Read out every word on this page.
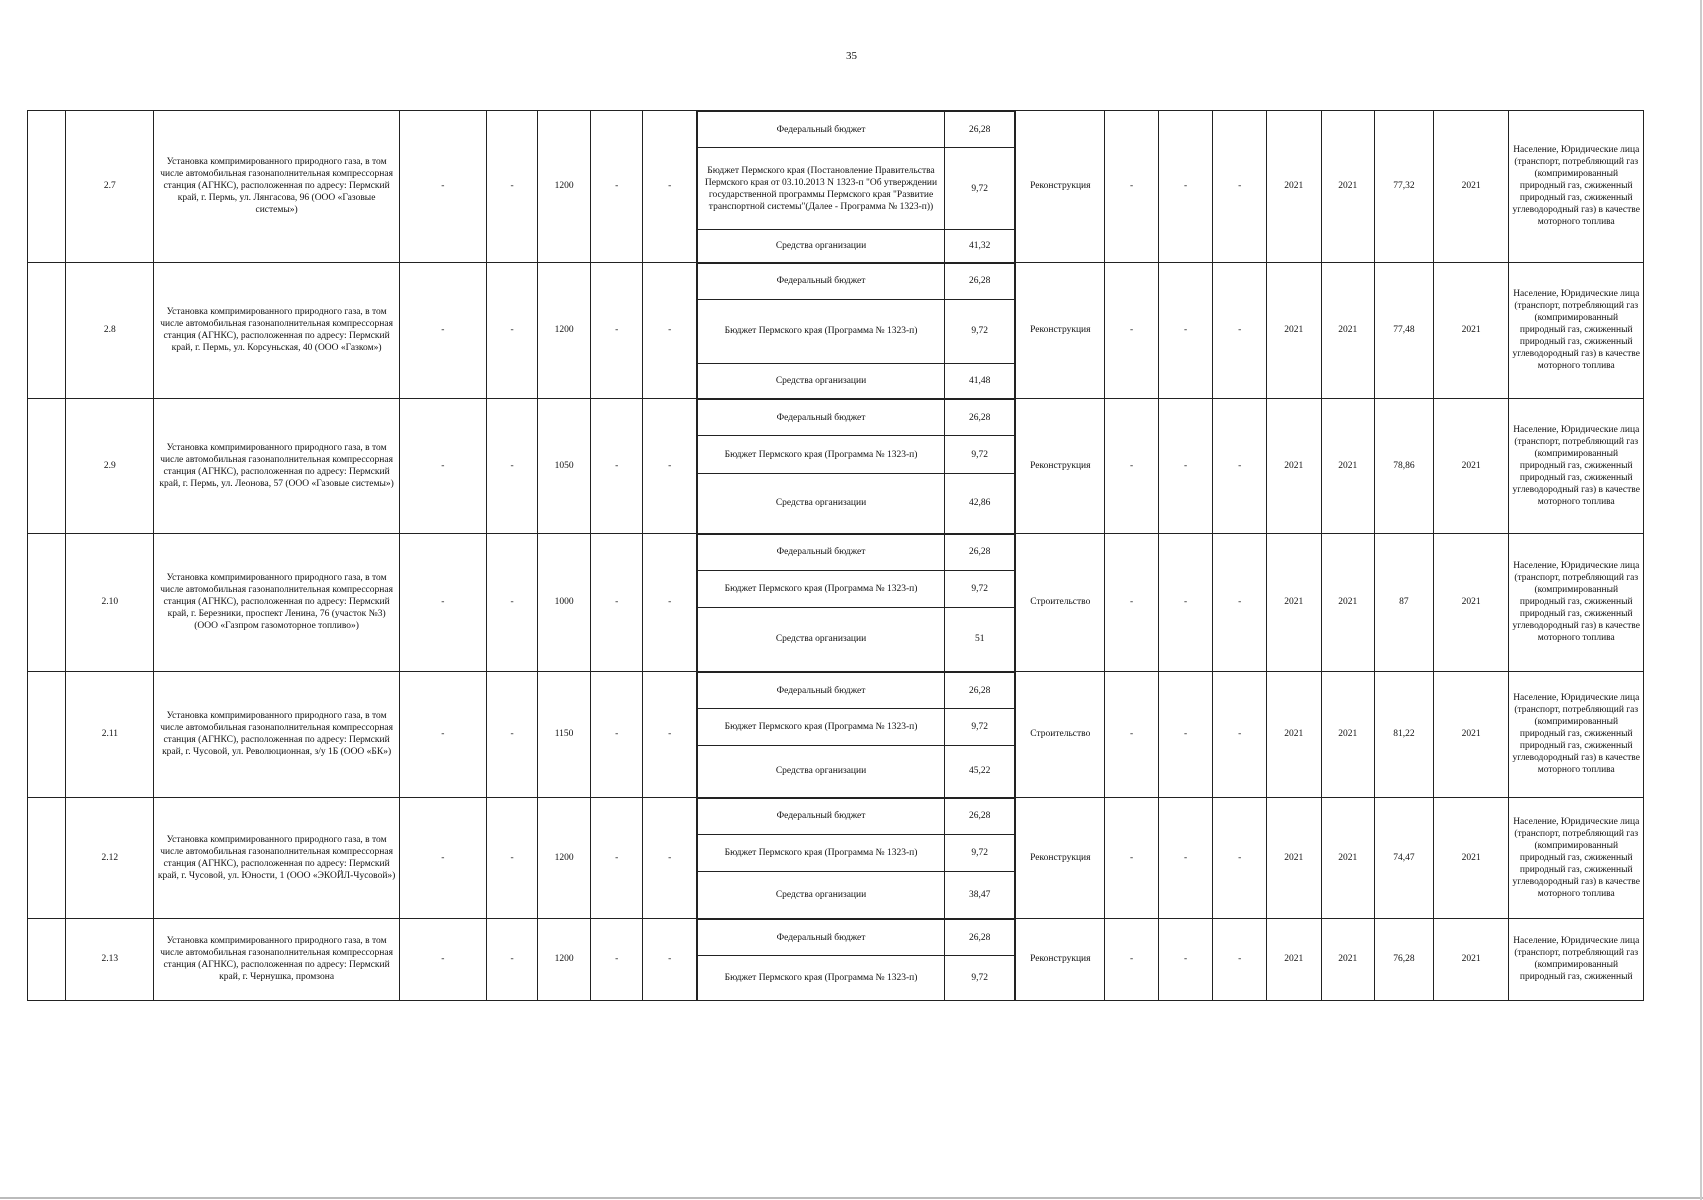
35
	2.7	Установка компримированного природного газа, в том числе автомобильная газонаполнительная компрессорная станция (АГНКС), расположенная по адресу: Пермский край, г. Пермь, ул. Лянгасова, 96 (ООО «Газовые системы»)	-	-	1200	-	-	
Федеральный бюджет	26,28
Бюджет Пермского края (Постановление Правительства Пермского края от 03.10.2013 N 1323-п "Об утверждении государственной программы Пермского края "Развитие транспортной системы"(Далее - Программа № 1323-п))	9,72
Средства организации	41,32
	Реконструкция	-	-	-	2021	2021	77,32	2021	Население, Юридические лица (транспорт, потребляющий газ (компримированный природный газ, сжиженный природный газ, сжиженный углеводородный газ) в качестве моторного топлива
	2.8	Установка компримированного природного газа, в том числе автомобильная газонаполнительная компрессорная станция (АГНКС), расположенная по адресу: Пермский край, г. Пермь, ул. Корсуньская, 40 (ООО «Газком»)	-	-	1200	-	-	
Федеральный бюджет	26,28
Бюджет Пермского края (Программа № 1323-п)	9,72
Средства организации	41,48
	Реконструкция	-	-	-	2021	2021	77,48	2021	Население, Юридические лица (транспорт, потребляющий газ (компримированный природный газ, сжиженный природный газ, сжиженный углеводородный газ) в качестве моторного топлива
	2.9	Установка компримированного природного газа, в том числе автомобильная газонаполнительная компрессорная станция (АГНКС), расположенная по адресу: Пермский край, г. Пермь, ул. Леонова, 57 (ООО «Газовые системы»)	-	-	1050	-	-	
Федеральный бюджет	26,28
Бюджет Пермского края (Программа № 1323-п)	9,72
Средства организации	42,86
	Реконструкция	-	-	-	2021	2021	78,86	2021	Население, Юридические лица (транспорт, потребляющий газ (компримированный природный газ, сжиженный природный газ, сжиженный углеводородный газ) в качестве моторного топлива
	2.10	Установка компримированного природного газа, в том числе автомобильная газонаполнительная компрессорная станция (АГНКС), расположенная по адресу: Пермский край, г. Березники, проспект Ленина, 76 (участок №3) (ООО «Газпром газомоторное топливо»)	-	-	1000	-	-	
Федеральный бюджет	26,28
Бюджет Пермского края (Программа № 1323-п)	9,72
Средства организации	51
	Строительство	-	-	-	2021	2021	87	2021	Население, Юридические лица (транспорт, потребляющий газ (компримированный природный газ, сжиженный природный газ, сжиженный углеводородный газ) в качестве моторного топлива
	2.11	Установка компримированного природного газа, в том числе автомобильная газонаполнительная компрессорная станция (АГНКС), расположенная по адресу: Пермский край, г. Чусовой, ул. Революционная, з/у 1Б (ООО «БК»)	-	-	1150	-	-	
Федеральный бюджет	26,28
Бюджет Пермского края (Программа № 1323-п)	9,72
Средства организации	45,22
	Строительство	-	-	-	2021	2021	81,22	2021	Население, Юридические лица (транспорт, потребляющий газ (компримированный природный газ, сжиженный природный газ, сжиженный углеводородный газ) в качестве моторного топлива
	2.12	Установка компримированного природного газа, в том числе автомобильная газонаполнительная компрессорная станция (АГНКС), расположенная по адресу: Пермский край, г. Чусовой, ул. Юности, 1 (ООО «ЭКОЙЛ-Чусовой»)	-	-	1200	-	-	
Федеральный бюджет	26,28
Бюджет Пермского края (Программа № 1323-п)	9,72
Средства организации	38,47
	Реконструкция	-	-	-	2021	2021	74,47	2021	Население, Юридические лица (транспорт, потребляющий газ (компримированный природный газ, сжиженный природный газ, сжиженный углеводородный газ) в качестве моторного топлива
	2.13	Установка компримированного природного газа, в том числе автомобильная газонаполнительная компрессорная станция (АГНКС), расположенная по адресу: Пермский край, г. Чернушка, промзона	-	-	1200	-	-	
Федеральный бюджет	26,28
Бюджет Пермского края (Программа № 1323-п)	9,72
	Реконструкция	-	-	-	2021	2021	76,28	2021	Население, Юридические лица (транспорт, потребляющий газ (компримированный природный газ, сжиженный
